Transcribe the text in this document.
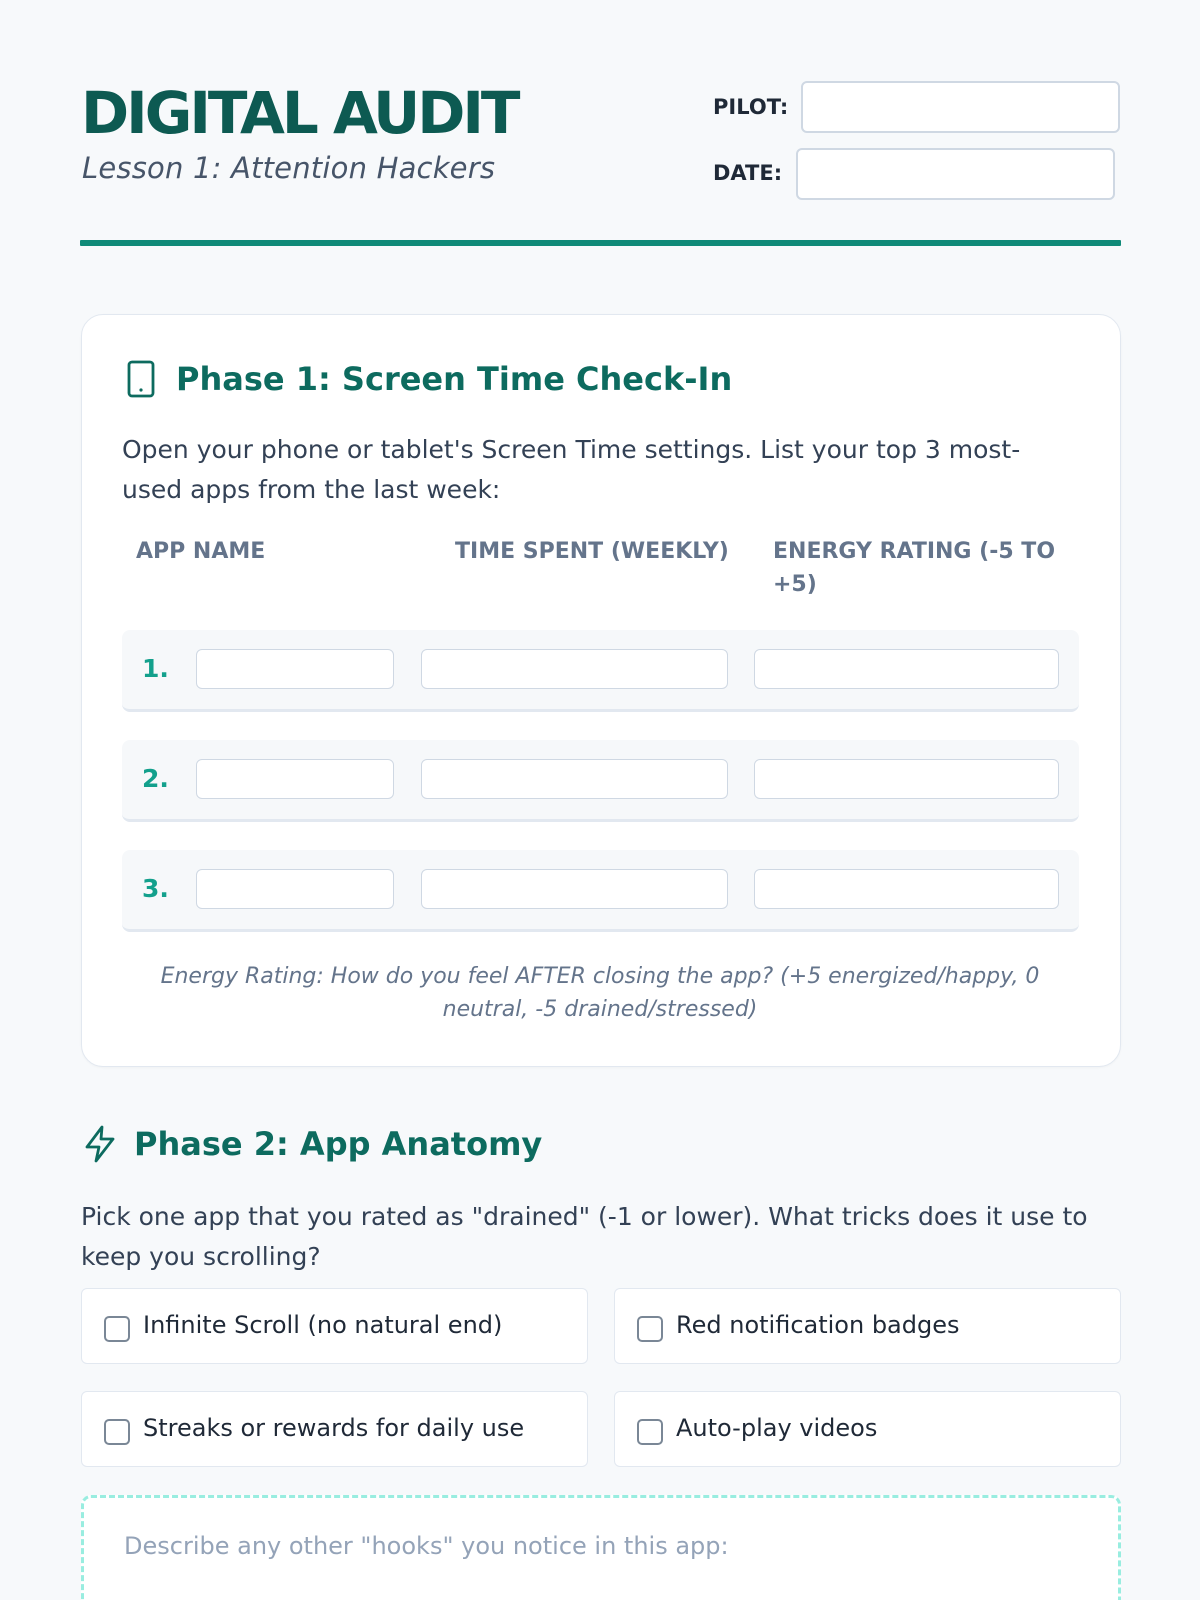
DIGITAL AUDIT
Lesson 1: Attention Hackers
PILOT:
DATE:
Phase 1: Screen Time Check-In
Open your phone or tablet's Screen Time settings. List your top 3 most-used apps from the last week:
APP NAME	TIME SPENT (WEEKLY)	ENERGY RATING (-5 TO +5)
1.
2.
3.
Energy Rating: How do you feel AFTER closing the app? (+5 energized/happy, 0 neutral, -5 drained/stressed)
Phase 2: App Anatomy
Pick one app that you rated as "drained" (-1 or lower). What tricks does it use to keep you scrolling?
Infinite Scroll (no natural end)	Red notification badges
Streaks or rewards for daily use	Auto-play videos
Describe any other "hooks" you notice in this app:
